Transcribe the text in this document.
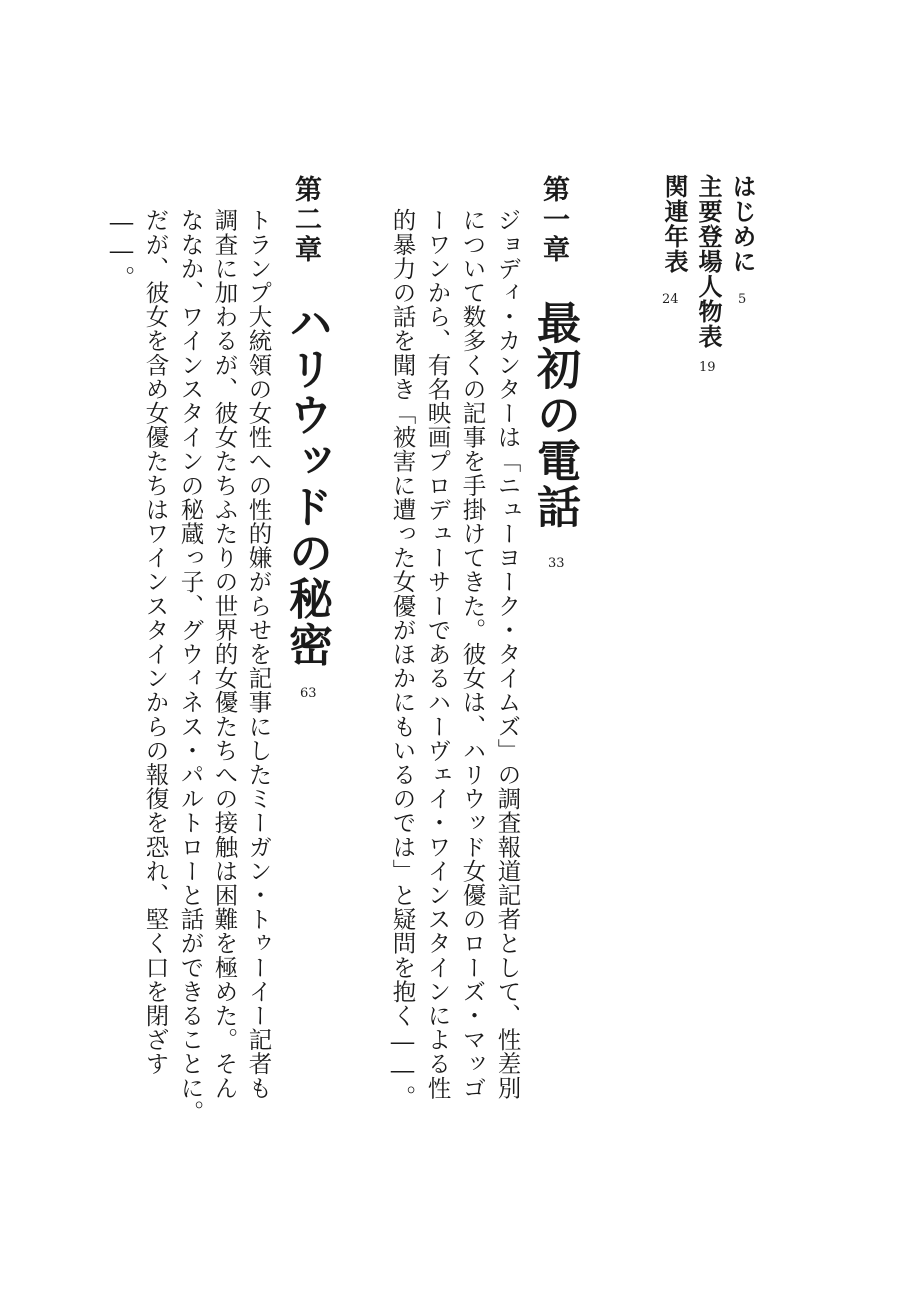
はじめに
5
主要登場人物表
19
関連年表
24
第一章
最初の電話
33
ジョディ・カンターは「ニューヨーク・タイムズ」の調査報道記者として、性差別
について数多くの記事を手掛けてきた。彼女は、ハリウッド女優のローズ・マッゴ
ーワンから、有名映画プロデューサーであるハーヴェイ・ワインスタインによる性
的暴力の話を聞き「被害に遭った女優がほかにもいるのでは」と疑問を抱く――。
第二章
ハリウッドの秘密
63
トランプ大統領の女性への性的嫌がらせを記事にしたミーガン・トゥーイー記者も
調査に加わるが、彼女たちふたりの世界的女優たちへの接触は困難を極めた。そん
ななか、ワインスタインの秘蔵っ子、グウィネス・パルトローと話ができることに。
だが、彼女を含め女優たちはワインスタインからの報復を恐れ、堅く口を閉ざす
――。
